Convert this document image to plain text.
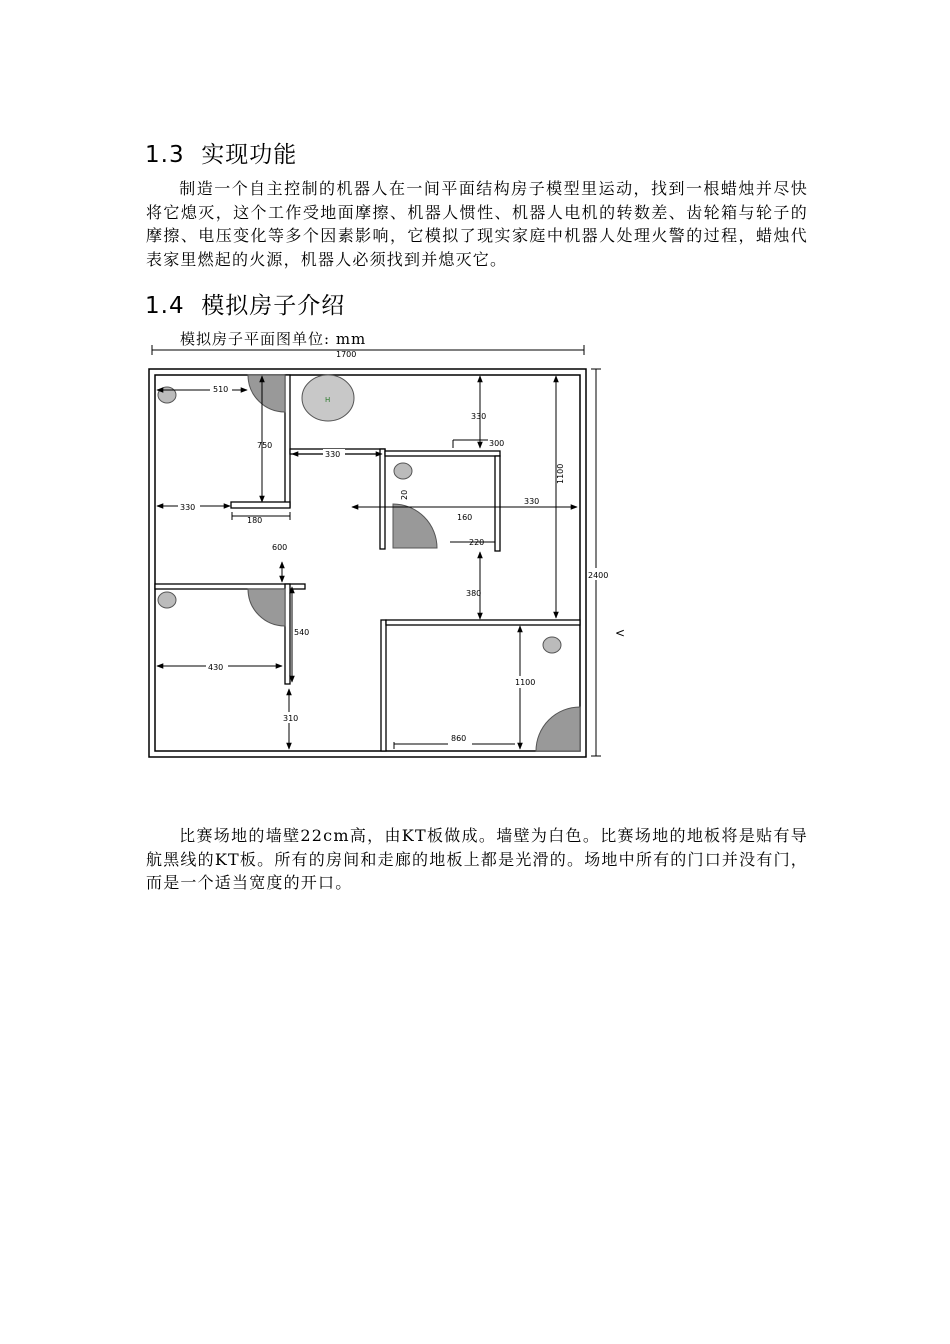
1.3 实现功能

制造一个自主控制的机器人在一间平面结构房子模型里运动，找到一根蜡烛并尽快将它熄灭，这个工作受地面摩擦、机器人惯性、机器人电机的转数差、齿轮箱与轮子的摩擦、电压变化等多个因素影响，它模拟了现实家庭中机器人处理火警的过程，蜡烛代表家里燃起的火源，机器人必须找到并熄灭它。

1.4 模拟房子介绍
模拟房子平面图单位: mm
1700
2400
<
H
510
750
330
330
300
330
1100
20
160
220
330
180
600
380
540
430
1100
310
860

比赛场地的墙壁22cm高，由KT板做成。墙壁为白色。比赛场地的地板将是贴有导航黑线的KT板。所有的房间和走廊的地板上都是光滑的。场地中所有的门口并没有门，而是一个适当宽度的开口。
